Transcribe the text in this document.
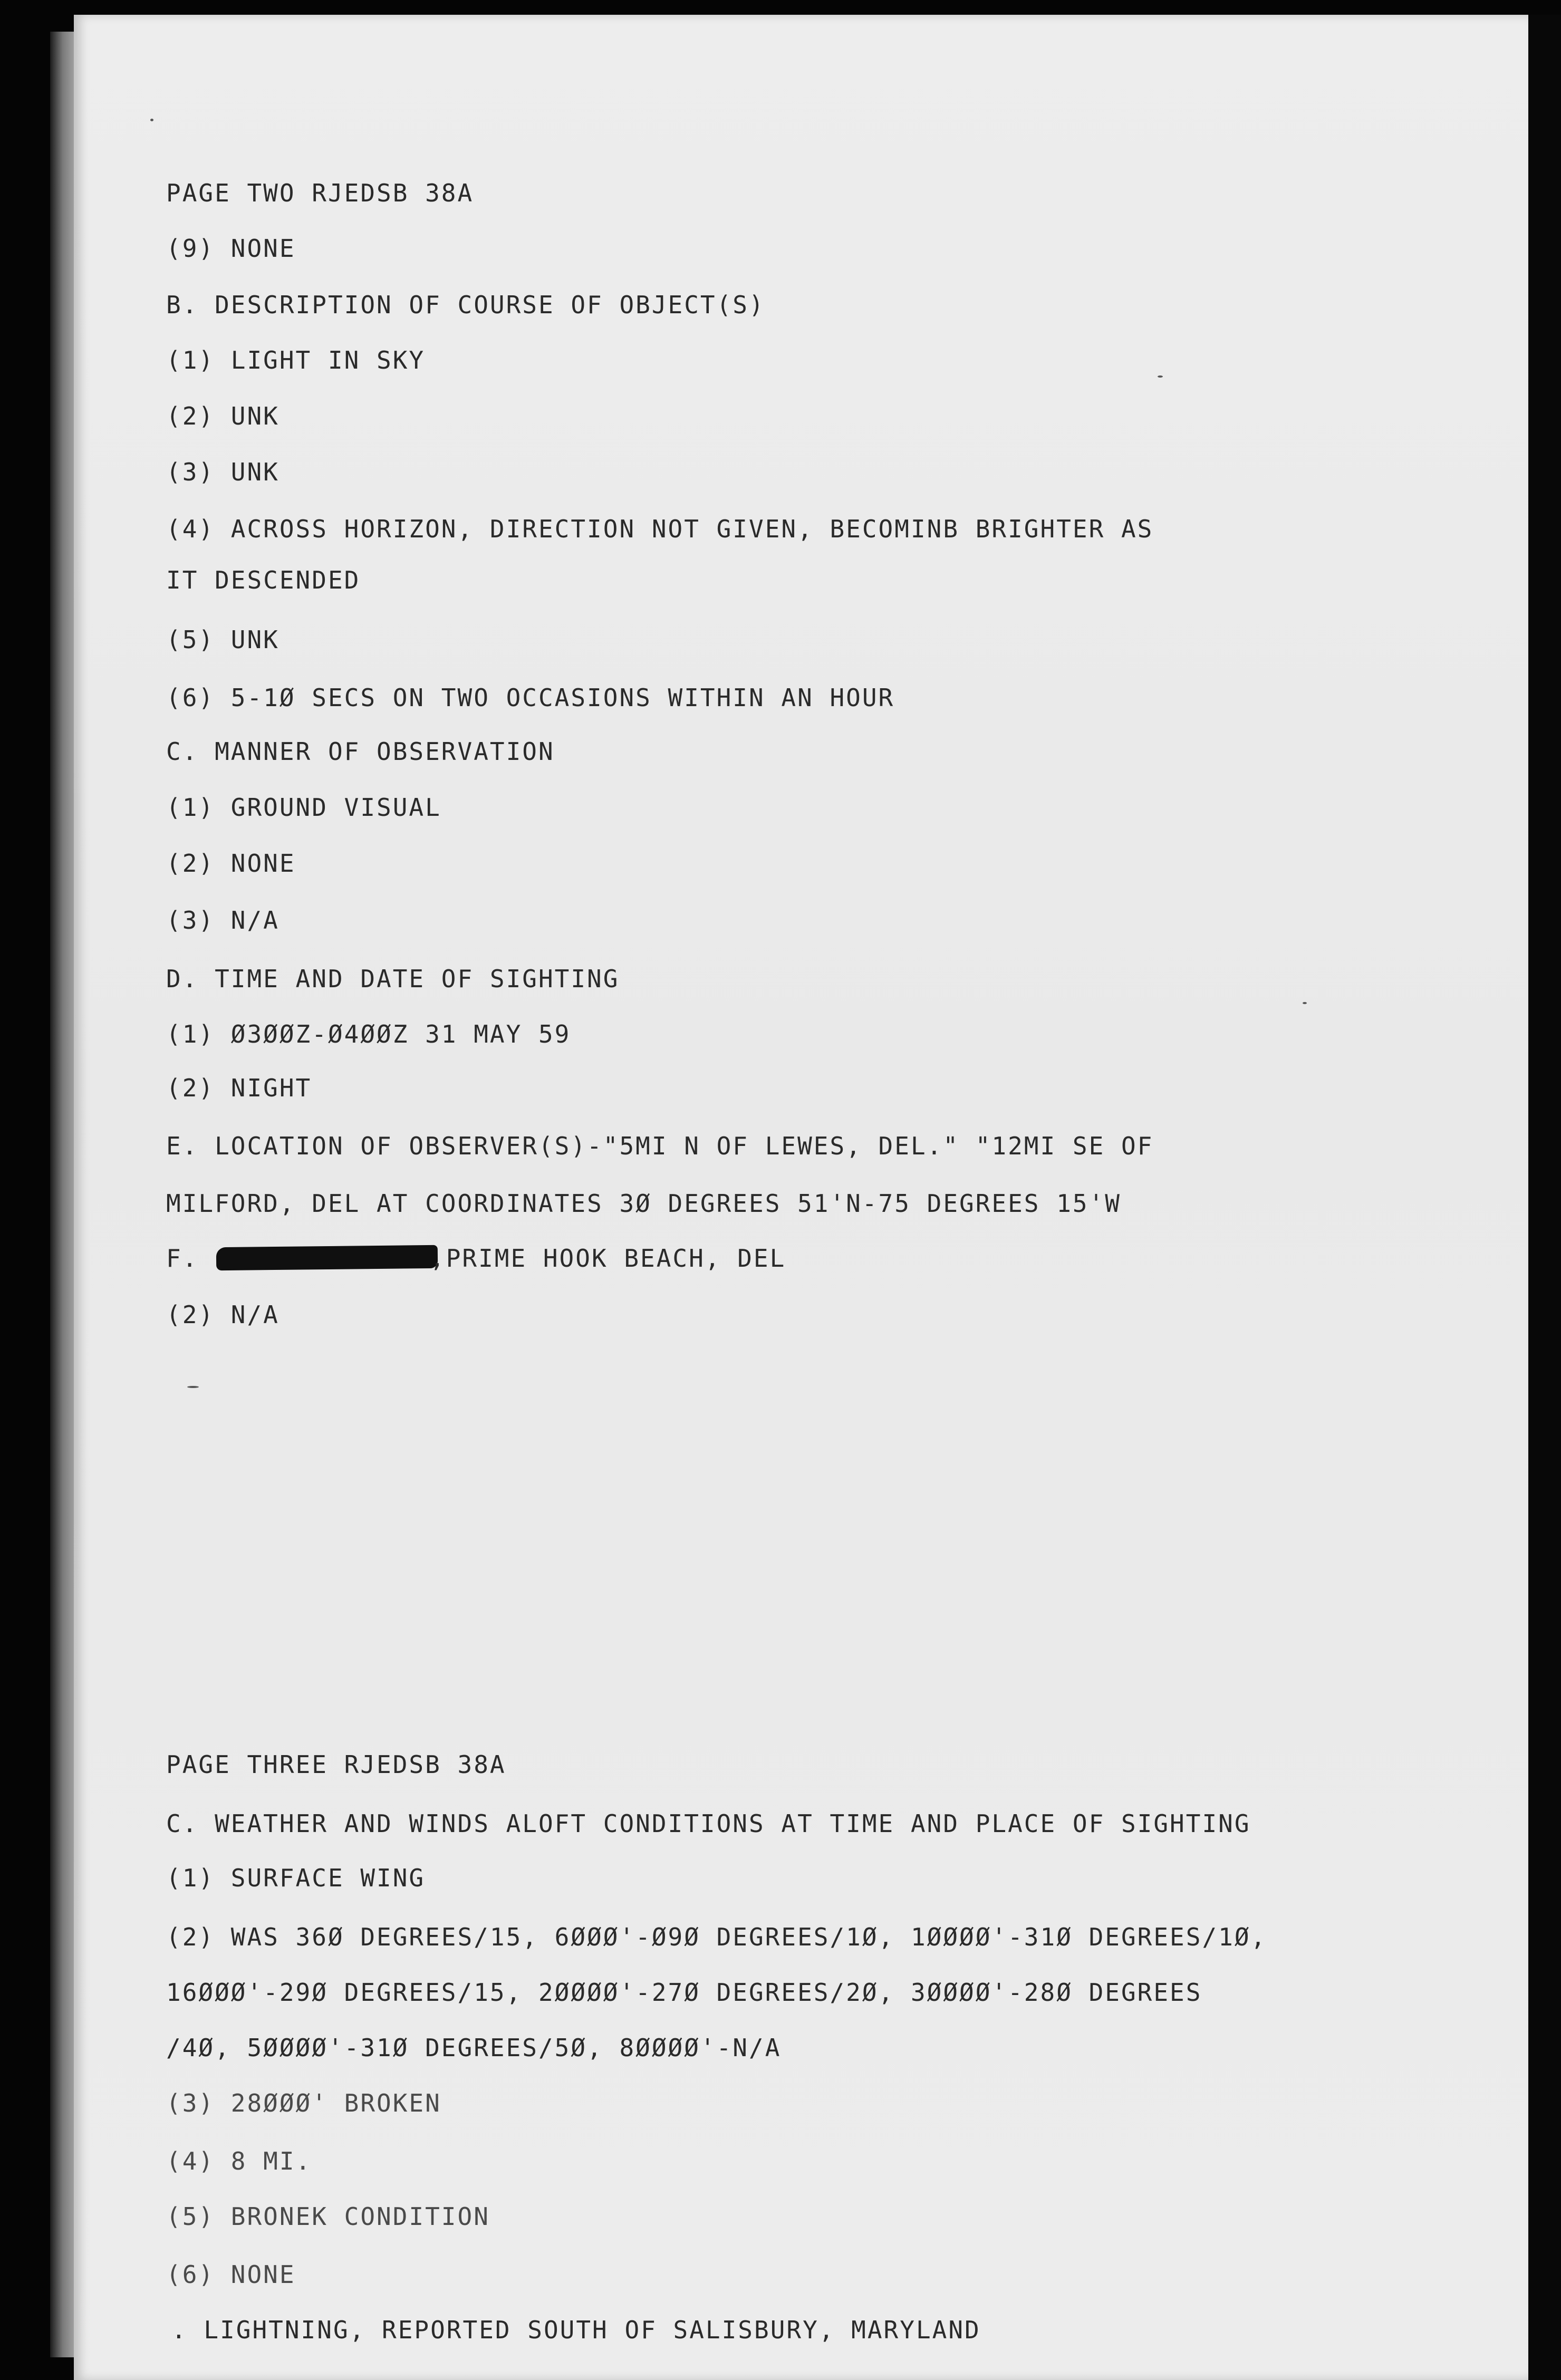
PAGE TWO RJEDSB 38A

(9) NONE

B. DESCRIPTION OF COURSE OF OBJECT(S)

(1) LIGHT IN SKY

(2) UNK

(3) UNK

(4) ACROSS HORIZON, DIRECTION NOT GIVEN, BECOMINB BRIGHTER AS

IT DESCENDED

(5) UNK

(6) 5-1Ø SECS ON TWO OCCASIONS WITHIN AN HOUR

C. MANNER OF OBSERVATION

(1) GROUND VISUAL

(2) NONE

(3) N/A

D. TIME AND DATE OF SIGHTING

(1) Ø3ØØZ-Ø4ØØZ 31 MAY 59

(2) NIGHT

E. LOCATION OF OBSERVER(S)-"5MI N OF LEWES, DEL." "12MI SE OF

MILFORD, DEL AT COORDINATES 3Ø DEGREES 51'N-75 DEGREES 15'W

F.	,PRIME HOOK BEACH, DEL

(2) N/A

PAGE THREE RJEDSB 38A

C. WEATHER AND WINDS ALOFT CONDITIONS AT TIME AND PLACE OF SIGHTING

(1) SURFACE WING

(2) WAS 36Ø DEGREES/15, 6ØØØ'-Ø9Ø DEGREES/1Ø, 1ØØØØ'-31Ø DEGREES/1Ø,

16ØØØ'-29Ø DEGREES/15, 2ØØØØ'-27Ø DEGREES/2Ø, 3ØØØØ'-28Ø DEGREES

/4Ø, 5ØØØØ'-31Ø DEGREES/5Ø, 8ØØØØ'-N/A

(3) 28ØØØ' BROKEN

(4) 8 MI.

(5) BRONEK CONDITION

(6) NONE

. LIGHTNING, REPORTED SOUTH OF SALISBURY, MARYLAND
